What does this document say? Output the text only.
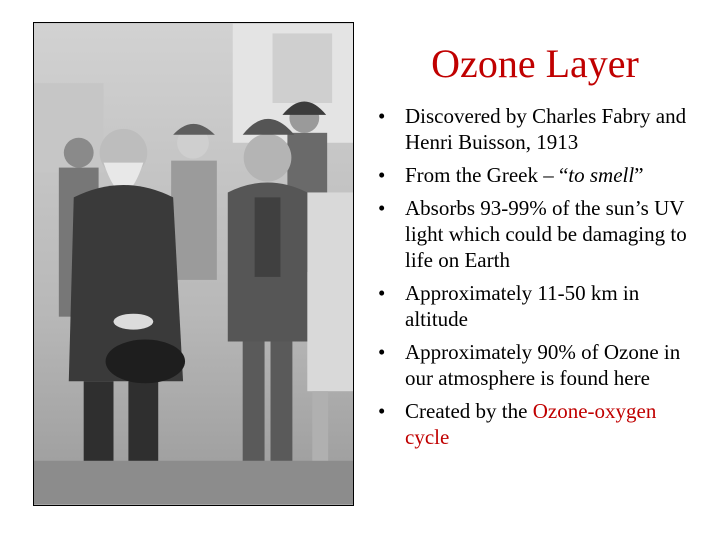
Ozone Layer
• Discovered by Charles Fabry and Henri Buisson, 1913
• From the Greek – “to smell”
• Absorbs 93-99% of the sun’s UV light which could be damaging to life on Earth
• Approximately 11-50 km in altitude
• Approximately 90% of Ozone in our atmosphere is found here
• Created by the Ozone-oxygen cycle
